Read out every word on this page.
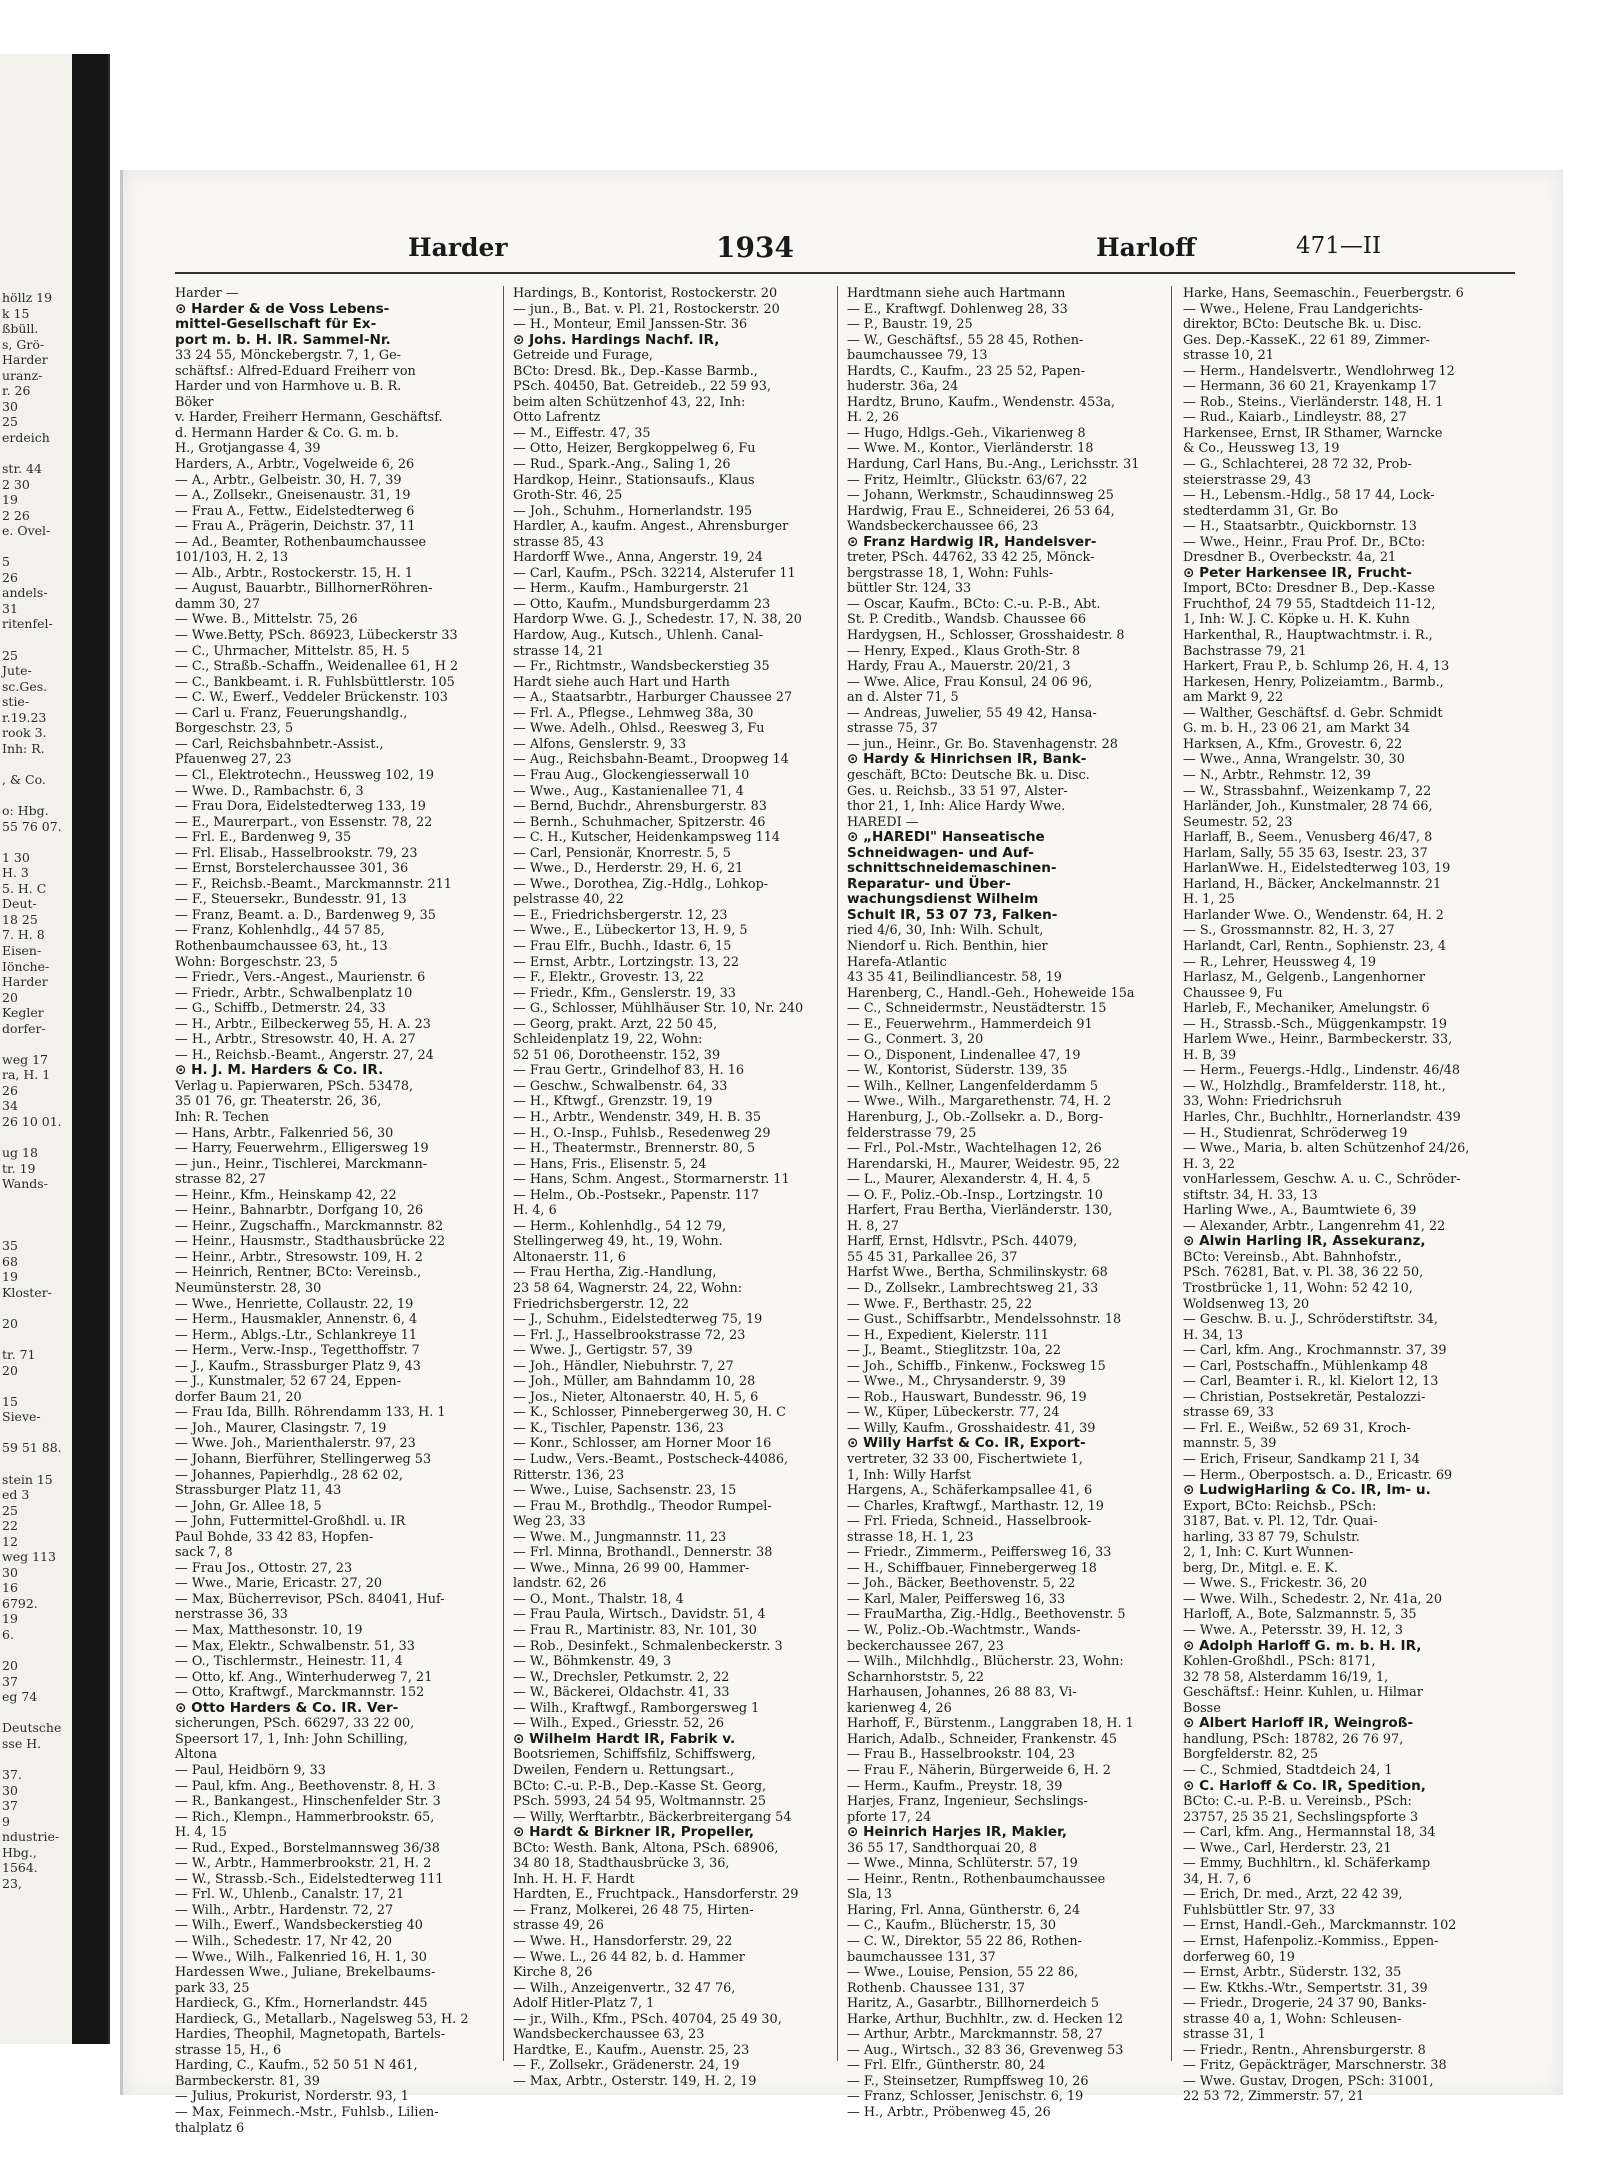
höllz 19
k 15
ßbüll.
s, Grö-
Harder
uranz-
r. 26
30
25
erdeich

str. 44
2 30
19
2 26
e. Ovel-

5
26
andels-
31
ritenfel-

25
Jute-
sc.Ges.
stie-
r.19.23
rook 3.
Inh: R.

, & Co.

o: Hbg.
55 76 07.

1 30
H. 3
5. H. C
Deut-
18 25
7. H. 8
Eisen-
Iönche-
Harder
20
Kegler
dorfer-

weg 17
ra, H. 1
26
34
26 10 01.

ug 18
tr. 19
Wands-

35
68
19
Kloster-

20

tr. 71
20

15
Sieve-

59 51 88.

stein 15
ed 3
25
22
12
weg 113
30
16
6792.
19
6.

20
37
eg 74

Deutsche
sse H.

37.
30
37
9
ndustrie-
Hbg.,
1564.
23,
Harder	1934	Harloff	471—II
Harder —
⊙ Harder & de Voss Lebens-
mittel-Gesellschaft für Ex-
port m. b. H. IR. Sammel-Nr.
33 24 55, Mönckebergstr. 7, 1, Ge-
schäftsf.: Alfred-Eduard Freiherr von
Harder und von Harmhove u. B. R.
Böker
v. Harder, Freiherr Hermann, Geschäftsf.
d. Hermann Harder & Co. G. m. b.
H., Grotjangasse 4, 39
Harders, A., Arbtr., Vogelweide 6, 26
— A., Arbtr., Gelbeistr. 30, H. 7, 39
— A., Zollsekr., Gneisenaustr. 31, 19
— Frau A., Fettw., Eidelstedterweg 6
— Frau A., Prägerin, Deichstr. 37, 11
— Ad., Beamter, Rothenbaumchaussee
101/103, H. 2, 13
— Alb., Arbtr., Rostockerstr. 15, H. 1
— August, Bauarbtr., BillhornerRöhren-
damm 30, 27
— Wwe. B., Mittelstr. 75, 26
— Wwe.Betty, PSch. 86923, Lübeckerstr 33
— C., Uhrmacher, Mittelstr. 85, H. 5
— C., Straßb.-Schaffn., Weidenallee 61, H 2
— C., Bankbeamt. i. R. Fuhlsbüttlerstr. 105
— C. W., Ewerf., Veddeler Brückenstr. 103
— Carl u. Franz, Feuerungshandlg.,
Borgeschstr. 23, 5
— Carl, Reichsbahnbetr.-Assist.,
Pfauenweg 27, 23
— Cl., Elektrotechn., Heussweg 102, 19
— Wwe. D., Rambachstr. 6, 3
— Frau Dora, Eidelstedterweg 133, 19
— E., Maurerpart., von Essenstr. 78, 22
— Frl. E., Bardenweg 9, 35
— Frl. Elisab., Hasselbrookstr. 79, 23
— Ernst, Borstelerchaussee 301, 36
— F., Reichsb.-Beamt., Marckmannstr. 211
— F., Steuersekr., Bundesstr. 91, 13
— Franz, Beamt. a. D., Bardenweg 9, 35
— Franz, Kohlenhdlg., 44 57 85,
Rothenbaumchaussee 63, ht., 13
Wohn: Borgeschstr. 23, 5
— Friedr., Vers.-Angest., Maurienstr. 6
— Friedr., Arbtr., Schwalbenplatz 10
— G., Schiffb., Detmerstr. 24, 33
— H., Arbtr., Eilbeckerweg 55, H. A. 23
— H., Arbtr., Stresowstr. 40, H. A. 27
— H., Reichsb.-Beamt., Angerstr. 27, 24
⊙ H. J. M. Harders & Co. IR.
Verlag u. Papierwaren, PSch. 53478,
35 01 76, gr. Theaterstr. 26, 36,
Inh: R. Techen
— Hans, Arbtr., Falkenried 56, 30
— Harry, Feuerwehrm., Elligersweg 19
— jun., Heinr., Tischlerei, Marckmann-
strasse 82, 27
— Heinr., Kfm., Heinskamp 42, 22
— Heinr., Bahnarbtr., Dorfgang 10, 26
— Heinr., Zugschaffn., Marckmannstr. 82
— Heinr., Hausmstr., Stadthausbrücke 22
— Heinr., Arbtr., Stresowstr. 109, H. 2
— Heinrich, Rentner, BCto: Vereinsb.,
Neumünsterstr. 28, 30
— Wwe., Henriette, Collaustr. 22, 19
— Herm., Hausmakler, Annenstr. 6, 4
— Herm., Ablgs.-Ltr., Schlankreye 11
— Herm., Verw.-Insp., Tegetthoffstr. 7
— J., Kaufm., Strassburger Platz 9, 43
— J., Kunstmaler, 52 67 24, Eppen-
dorfer Baum 21, 20
— Frau Ida, Billh. Röhrendamm 133, H. 1
— Joh., Maurer, Clasingstr. 7, 19
— Wwe. Joh., Marienthalerstr. 97, 23
— Johann, Bierführer, Stellingerweg 53
— Johannes, Papierhdlg., 28 62 02,
Strassburger Platz 11, 43
— John, Gr. Allee 18, 5
— John, Futtermittel-Großhdl. u. IR
Paul Bohde, 33 42 83, Hopfen-
sack 7, 8
— Frau Jos., Ottostr. 27, 23
— Wwe., Marie, Ericastr. 27, 20
— Max, Bücherrevisor, PSch. 84041, Huf-
nerstrasse 36, 33
— Max, Matthesonstr. 10, 19
— Max, Elektr., Schwalbenstr. 51, 33
— O., Tischlermstr., Heinestr. 11, 4
— Otto, kf. Ang., Winterhuderweg 7, 21
— Otto, Kraftwgf., Marckmannstr. 152
⊙ Otto Harders & Co. IR. Ver-
sicherungen, PSch. 66297, 33 22 00,
Speersort 17, 1, Inh: John Schilling,
Altona
— Paul, Heidbörn 9, 33
— Paul, kfm. Ang., Beethovenstr. 8, H. 3
— R., Bankangest., Hinschenfelder Str. 3
— Rich., Klempn., Hammerbrookstr. 65,
H. 4, 15
— Rud., Exped., Borstelmannsweg 36/38
— W., Arbtr., Hammerbrookstr. 21, H. 2
— W., Strassb.-Sch., Eidelstedterweg 111
— Frl. W., Uhlenb., Canalstr. 17, 21
— Wilh., Arbtr., Hardenstr. 72, 27
— Wilh., Ewerf., Wandsbeckerstieg 40
— Wilh., Schedestr. 17, Nr 42, 20
— Wwe., Wilh., Falkenried 16, H. 1, 30
Hardessen Wwe., Juliane, Brekelbaums-
park 33, 25
Hardieck, G., Kfm., Hornerlandstr. 445
Hardieck, G., Metallarb., Nagelsweg 53, H. 2
Hardies, Theophil, Magnetopath, Bartels-
strasse 15, H., 6
Harding, C., Kaufm., 52 50 51 N 461,
Barmbeckerstr. 81, 39
— Julius, Prokurist, Norderstr. 93, 1
— Max, Feinmech.-Mstr., Fuhlsb., Lilien-
thalplatz 6
Hardings, B., Kontorist, Rostockerstr. 20
— jun., B., Bat. v. Pl. 21, Rostockerstr. 20
— H., Monteur, Emil Janssen-Str. 36
⊙ Johs. Hardings Nachf. IR,
Getreide und Furage,
BCto: Dresd. Bk., Dep.-Kasse Barmb.,
PSch. 40450, Bat. Getreideb., 22 59 93,
beim alten Schützenhof 43, 22, Inh:
Otto Lafrentz
— M., Eiffestr. 47, 35
— Otto, Heizer, Bergkoppelweg 6, Fu
— Rud., Spark.-Ang., Saling 1, 26
Hardkop, Heinr., Stationsaufs., Klaus
Groth-Str. 46, 25
— Joh., Schuhm., Hornerlandstr. 195
Hardler, A., kaufm. Angest., Ahrensburger
strasse 85, 43
Hardorff Wwe., Anna, Angerstr. 19, 24
— Carl, Kaufm., PSch. 32214, Alsterufer 11
— Herm., Kaufm., Hamburgerstr. 21
— Otto, Kaufm., Mundsburgerdamm 23
Hardorp Wwe. G. J., Schedestr. 17, N. 38, 20
Hardow, Aug., Kutsch., Uhlenh. Canal-
strasse 14, 21
— Fr., Richtmstr., Wandsbeckerstieg 35
Hardt siehe auch Hart und Harth
— A., Staatsarbtr., Harburger Chaussee 27
— Frl. A., Pflegse., Lehmweg 38a, 30
— Wwe. Adelh., Ohlsd., Reesweg 3, Fu
— Alfons, Genslerstr. 9, 33
— Aug., Reichsbahn-Beamt., Droopweg 14
— Frau Aug., Glockengiesserwall 10
— Wwe., Aug., Kastanienallee 71, 4
— Bernd, Buchdr., Ahrensburgerstr. 83
— Bernh., Schuhmacher, Spitzerstr. 46
— C. H., Kutscher, Heidenkampsweg 114
— Carl, Pensionär, Knorrestr. 5, 5
— Wwe., D., Herderstr. 29, H. 6, 21
— Wwe., Dorothea, Zig.-Hdlg., Lohkop-
pelstrasse 40, 22
— E., Friedrichsbergerstr. 12, 23
— Wwe., E., Lübeckertor 13, H. 9, 5
— Frau Elfr., Buchh., Idastr. 6, 15
— Ernst, Arbtr., Lortzingstr. 13, 22
— F., Elektr., Grovestr. 13, 22
— Friedr., Kfm., Genslerstr. 19, 33
— G., Schlosser, Mühlhäuser Str. 10, Nr. 240
— Georg, prakt. Arzt, 22 50 45,
Schleidenplatz 19, 22, Wohn:
52 51 06, Dorotheenstr. 152, 39
— Frau Gertr., Grindelhof 83, H. 16
— Geschw., Schwalbenstr. 64, 33
— H., Kftwgf., Grenzstr. 19, 19
— H., Arbtr., Wendenstr. 349, H. B. 35
— H., O.-Insp., Fuhlsb., Resedenweg 29
— H., Theatermstr., Brennerstr. 80, 5
— Hans, Fris., Elisenstr. 5, 24
— Hans, Schm. Angest., Stormarnerstr. 11
— Helm., Ob.-Postsekr., Papenstr. 117
H. 4, 6
— Herm., Kohlenhdlg., 54 12 79,
Stellingerweg 49, ht., 19, Wohn.
Altonaerstr. 11, 6
— Frau Hertha, Zig.-Handlung,
23 58 64, Wagnerstr. 24, 22, Wohn:
Friedrichsbergerstr. 12, 22
— J., Schuhm., Eidelstedterweg 75, 19
— Frl. J., Hasselbrookstrasse 72, 23
— Wwe. J., Gertigstr. 57, 39
— Joh., Händler, Niebuhrstr. 7, 27
— Joh., Müller, am Bahndamm 10, 28
— Jos., Nieter, Altonaerstr. 40, H. 5, 6
— K., Schlosser, Pinnebergerweg 30, H. C
— K., Tischler, Papenstr. 136, 23
— Konr., Schlosser, am Horner Moor 16
— Ludw., Vers.-Beamt., Postscheck-44086,
Ritterstr. 136, 23
— Wwe., Luise, Sachsenstr. 23, 15
— Frau M., Brothdlg., Theodor Rumpel-
Weg 23, 33
— Wwe. M., Jungmannstr. 11, 23
— Frl. Minna, Brothandl., Dennerstr. 38
— Wwe., Minna, 26 99 00, Hammer-
landstr. 62, 26
— O., Mont., Thalstr. 18, 4
— Frau Paula, Wirtsch., Davidstr. 51, 4
— Frau R., Martinistr. 83, Nr. 101, 30
— Rob., Desinfekt., Schmalenbeckerstr. 3
— W., Böhmkenstr. 49, 3
— W., Drechsler, Petkumstr. 2, 22
— W., Bäckerei, Oldachstr. 41, 33
— Wilh., Kraftwgf., Ramborgersweg 1
— Wilh., Exped., Griesstr. 52, 26
⊙ Wilhelm Hardt IR, Fabrik v.
Bootsriemen, Schiffsfilz, Schiffswerg,
Dweilen, Fendern u. Rettungsart.,
BCto: C.-u. P.-B., Dep.-Kasse St. Georg,
PSch. 5993, 24 54 95, Woltmannstr. 25
— Willy, Werftarbtr., Bäckerbreitergang 54
⊙ Hardt & Birkner IR, Propeller,
BCto: Westh. Bank, Altona, PSch. 68906,
34 80 18, Stadthausbrücke 3, 36,
Inh. H. H. F. Hardt
Hardten, E., Fruchtpack., Hansdorferstr. 29
— Franz, Molkerei, 26 48 75, Hirten-
strasse 49, 26
— Wwe. H., Hansdorferstr. 29, 22
— Wwe. L., 26 44 82, b. d. Hammer
Kirche 8, 26
— Wilh., Anzeigenvertr., 32 47 76,
Adolf Hitler-Platz 7, 1
— jr., Wilh., Kfm., PSch. 40704, 25 49 30,
Wandsbeckerchaussee 63, 23
Hardtke, E., Kaufm., Auenstr. 25, 23
— F., Zollsekr., Grädenerstr. 24, 19
— Max, Arbtr., Osterstr. 149, H. 2, 19
Hardtmann siehe auch Hartmann
— E., Kraftwgf. Dohlenweg 28, 33
— P., Baustr. 19, 25
— W., Geschäftsf., 55 28 45, Rothen-
baumchaussee 79, 13
Hardts, C., Kaufm., 23 25 52, Papen-
huderstr. 36a, 24
Hardtz, Bruno, Kaufm., Wendenstr. 453a,
H. 2, 26
— Hugo, Hdlgs.-Geh., Vikarienweg 8
— Wwe. M., Kontor., Vierländerstr. 18
Hardung, Carl Hans, Bu.-Ang., Lerichsstr. 31
— Fritz, Heimltr., Glückstr. 63/67, 22
— Johann, Werkmstr., Schaudinnsweg 25
Hardwig, Frau E., Schneiderei, 26 53 64,
Wandsbeckerchaussee 66, 23
⊙ Franz Hardwig IR, Handelsver-
treter, PSch. 44762, 33 42 25, Mönck-
bergstrasse 18, 1, Wohn: Fuhls-
büttler Str. 124, 33
— Oscar, Kaufm., BCto: C.-u. P.-B., Abt.
St. P. Creditb., Wandsb. Chaussee 66
Hardygsen, H., Schlosser, Grosshaidestr. 8
— Henry, Exped., Klaus Groth-Str. 8
Hardy, Frau A., Mauerstr. 20/21, 3
— Wwe. Alice, Frau Konsul, 24 06 96,
an d. Alster 71, 5
— Andreas, Juwelier, 55 49 42, Hansa-
strasse 75, 37
— jun., Heinr., Gr. Bo. Stavenhagenstr. 28
⊙ Hardy & Hinrichsen IR, Bank-
geschäft, BCto: Deutsche Bk. u. Disc.
Ges. u. Reichsb., 33 51 97, Alster-
thor 21, 1, Inh: Alice Hardy Wwe.
HAREDI —
⊙ „HAREDI" Hanseatische
Schneidwagen- und Auf-
schnittschneidemaschinen-
Reparatur- und Über-
wachungsdienst Wilhelm
Schult IR, 53 07 73, Falken-
ried 4/6, 30, Inh: Wilh. Schult,
Niendorf u. Rich. Benthin, hier
Harefa-Atlantic
43 35 41, Beilindliancestr. 58, 19
Harenberg, C., Handl.-Geh., Hoheweide 15a
— C., Schneidermstr., Neustädterstr. 15
— E., Feuerwehrm., Hammerdeich 91
— G., Conmert. 3, 20
— O., Disponent, Lindenallee 47, 19
— W., Kontorist, Süderstr. 139, 35
— Wilh., Kellner, Langenfelderdamm 5
— Wwe., Wilh., Margarethenstr. 74, H. 2
Harenburg, J., Ob.-Zollsekr. a. D., Borg-
felderstrasse 79, 25
— Frl., Pol.-Mstr., Wachtelhagen 12, 26
Harendarski, H., Maurer, Weidestr. 95, 22
— L., Maurer, Alexanderstr. 4, H. 4, 5
— O. F., Poliz.-Ob.-Insp., Lortzingstr. 10
Harfert, Frau Bertha, Vierländerstr. 130,
H. 8, 27
Harff, Ernst, Hdlsvtr., PSch. 44079,
55 45 31, Parkallee 26, 37
Harfst Wwe., Bertha, Schmilinskystr. 68
— D., Zollsekr., Lambrechtsweg 21, 33
— Wwe. F., Berthastr. 25, 22
— Gust., Schiffsarbtr., Mendelssohnstr. 18
— H., Expedient, Kielerstr. 111
— J., Beamt., Stieglitzstr. 10a, 22
— Joh., Schiffb., Finkenw., Focksweg 15
— Wwe., M., Chrysanderstr. 9, 39
— Rob., Hauswart, Bundesstr. 96, 19
— W., Küper, Lübeckerstr. 77, 24
— Willy, Kaufm., Grosshaidestr. 41, 39
⊙ Willy Harfst & Co. IR, Export-
vertreter, 32 33 00, Fischertwiete 1,
1, Inh: Willy Harfst
Hargens, A., Schäferkampsallee 41, 6
— Charles, Kraftwgf., Marthastr. 12, 19
— Frl. Frieda, Schneid., Hasselbrook-
strasse 18, H. 1, 23
— Friedr., Zimmerm., Peiffersweg 16, 33
— H., Schiffbauer, Finnebergerweg 18
— Joh., Bäcker, Beethovenstr. 5, 22
— Karl, Maler, Peiffersweg 16, 33
— FrauMartha, Zig.-Hdlg., Beethovenstr. 5
— W., Poliz.-Ob.-Wachtmstr., Wands-
beckerchaussee 267, 23
— Wilh., Milchhdlg., Blücherstr. 23, Wohn:
Scharnhorststr. 5, 22
Harhausen, Johannes, 26 88 83, Vi-
karienweg 4, 26
Harhoff, F., Bürstenm., Langgraben 18, H. 1
Harich, Adalb., Schneider, Frankenstr. 45
— Frau B., Hasselbrookstr. 104, 23
— Frau F., Näherin, Bürgerweide 6, H. 2
— Herm., Kaufm., Preystr. 18, 39
Harjes, Franz, Ingenieur, Sechslings-
pforte 17, 24
⊙ Heinrich Harjes IR, Makler,
36 55 17, Sandthorquai 20, 8
— Wwe., Minna, Schlüterstr. 57, 19
— Heinr., Rentn., Rothenbaumchaussee
Sla, 13
Haring, Frl. Anna, Güntherstr. 6, 24
— C., Kaufm., Blücherstr. 15, 30
— C. W., Direktor, 55 22 86, Rothen-
baumchaussee 131, 37
— Wwe., Louise, Pension, 55 22 86,
Rothenb. Chaussee 131, 37
Haritz, A., Gasarbtr., Billhornerdeich 5
Harke, Arthur, Buchhltr., zw. d. Hecken 12
— Arthur, Arbtr., Marckmannstr. 58, 27
— Aug., Wirtsch., 32 83 36, Grevenweg 53
— Frl. Elfr., Güntherstr. 80, 24
— F., Steinsetzer, Rumpffsweg 10, 26
— Franz, Schlosser, Jenischstr. 6, 19
— H., Arbtr., Pröbenweg 45, 26
Harke, Hans, Seemaschin., Feuerbergstr. 6
— Wwe., Helene, Frau Landgerichts-
direktor, BCto: Deutsche Bk. u. Disc.
Ges. Dep.-KasseK., 22 61 89, Zimmer-
strasse 10, 21
— Herm., Handelsvertr., Wendlohrweg 12
— Hermann, 36 60 21, Krayenkamp 17
— Rob., Steins., Vierländerstr. 148, H. 1
— Rud., Kaiarb., Lindleystr. 88, 27
Harkensee, Ernst, IR Sthamer, Warncke
& Co., Heussweg 13, 19
— G., Schlachterei, 28 72 32, Prob-
steierstrasse 29, 43
— H., Lebensm.-Hdlg., 58 17 44, Lock-
stedterdamm 31, Gr. Bo
— H., Staatsarbtr., Quickbornstr. 13
— Wwe., Heinr., Frau Prof. Dr., BCto:
Dresdner B., Overbeckstr. 4a, 21
⊙ Peter Harkensee IR, Frucht-
Import, BCto: Dresdner B., Dep.-Kasse
Fruchthof, 24 79 55, Stadtdeich 11-12,
1, Inh: W. J. C. Köpke u. H. K. Kuhn
Harkenthal, R., Hauptwachtmstr. i. R.,
Bachstrasse 79, 21
Harkert, Frau P., b. Schlump 26, H. 4, 13
Harkesen, Henry, Polizeiamtm., Barmb.,
am Markt 9, 22
— Walther, Geschäftsf. d. Gebr. Schmidt
G. m. b. H., 23 06 21, am Markt 34
Harksen, A., Kfm., Grovestr. 6, 22
— Wwe., Anna, Wrangelstr. 30, 30
— N., Arbtr., Rehmstr. 12, 39
— W., Strassbahnf., Weizenkamp 7, 22
Harländer, Joh., Kunstmaler, 28 74 66,
Seumestr. 52, 23
Harlaff, B., Seem., Venusberg 46/47, 8
Harlam, Sally, 55 35 63, Isestr. 23, 37
HarlanWwe. H., Eidelstedterweg 103, 19
Harland, H., Bäcker, Anckelmannstr. 21
H. 1, 25
Harlander Wwe. O., Wendenstr. 64, H. 2
— S., Grossmannstr. 82, H. 3, 27
Harlandt, Carl, Rentn., Sophienstr. 23, 4
— R., Lehrer, Heussweg 4, 19
Harlasz, M., Gelgenb., Langenhorner
Chaussee 9, Fu
Harleb, F., Mechaniker, Amelungstr. 6
— H., Strassb.-Sch., Müggenkampstr. 19
Harlem Wwe., Heinr., Barmbeckerstr. 33,
H. B, 39
— Herm., Feuergs.-Hdlg., Lindenstr. 46/48
— W., Holzhdlg., Bramfelderstr. 118, ht.,
33, Wohn: Friedrichsruh
Harles, Chr., Buchhltr., Hornerlandstr. 439
— H., Studienrat, Schröderweg 19
— Wwe., Maria, b. alten Schützenhof 24/26,
H. 3, 22
vonHarlessem, Geschw. A. u. C., Schröder-
stiftstr. 34, H. 33, 13
Harling Wwe., A., Baumtwiete 6, 39
— Alexander, Arbtr., Langenrehm 41, 22
⊙ Alwin Harling IR, Assekuranz,
BCto: Vereinsb., Abt. Bahnhofstr.,
PSch. 76281, Bat. v. Pl. 38, 36 22 50,
Trostbrücke 1, 11, Wohn: 52 42 10,
Woldsenweg 13, 20
— Geschw. B. u. J., Schröderstiftstr. 34,
H. 34, 13
— Carl, kfm. Ang., Krochmannstr. 37, 39
— Carl, Postschaffn., Mühlenkamp 48
— Carl, Beamter i. R., kl. Kielort 12, 13
— Christian, Postsekretär, Pestalozzi-
strasse 69, 33
— Frl. E., Weißw., 52 69 31, Kroch-
mannstr. 5, 39
— Erich, Friseur, Sandkamp 21 I, 34
— Herm., Oberpostsch. a. D., Ericastr. 69
⊙ LudwigHarling & Co. IR, Im- u.
Export, BCto: Reichsb., PSch:
3187, Bat. v. Pl. 12, Tdr. Quai-
harling, 33 87 79, Schulstr.
2, 1, Inh: C. Kurt Wunnen-
berg, Dr., Mitgl. e. E. K.
— Wwe. S., Frickestr. 36, 20
— Wwe. Wilh., Schedestr. 2, Nr. 41a, 20
Harloff, A., Bote, Salzmannstr. 5, 35
— Wwe. A., Petersstr. 39, H. 12, 3
⊙ Adolph Harloff G. m. b. H. IR,
Kohlen-Großhdl., PSch: 8171,
32 78 58, Alsterdamm 16/19, 1,
Geschäftsf.: Heinr. Kuhlen, u. Hilmar
Bosse
⊙ Albert Harloff IR, Weingroß-
handlung, PSch: 18782, 26 76 97,
Borgfelderstr. 82, 25
— C., Schmied, Stadtdeich 24, 1
⊙ C. Harloff & Co. IR, Spedition,
BCto: C.-u. P.-B. u. Vereinsb., PSch:
23757, 25 35 21, Sechslingspforte 3
— Carl, kfm. Ang., Hermannstal 18, 34
— Wwe., Carl, Herderstr. 23, 21
— Emmy, Buchhltrn., kl. Schäferkamp
34, H. 7, 6
— Erich, Dr. med., Arzt, 22 42 39,
Fuhlsbüttler Str. 97, 33
— Ernst, Handl.-Geh., Marckmannstr. 102
— Ernst, Hafenpoliz.-Kommiss., Eppen-
dorferweg 60, 19
— Ernst, Arbtr., Süderstr. 132, 35
— Ew. Ktkhs.-Wtr., Sempertstr. 31, 39
— Friedr., Drogerie, 24 37 90, Banks-
strasse 40 a, 1, Wohn: Schleusen-
strasse 31, 1
— Friedr., Rentn., Ahrensburgerstr. 8
— Fritz, Gepäckträger, Marschnerstr. 38
— Wwe. Gustav, Drogen, PSch: 31001,
22 53 72, Zimmerstr. 57, 21
